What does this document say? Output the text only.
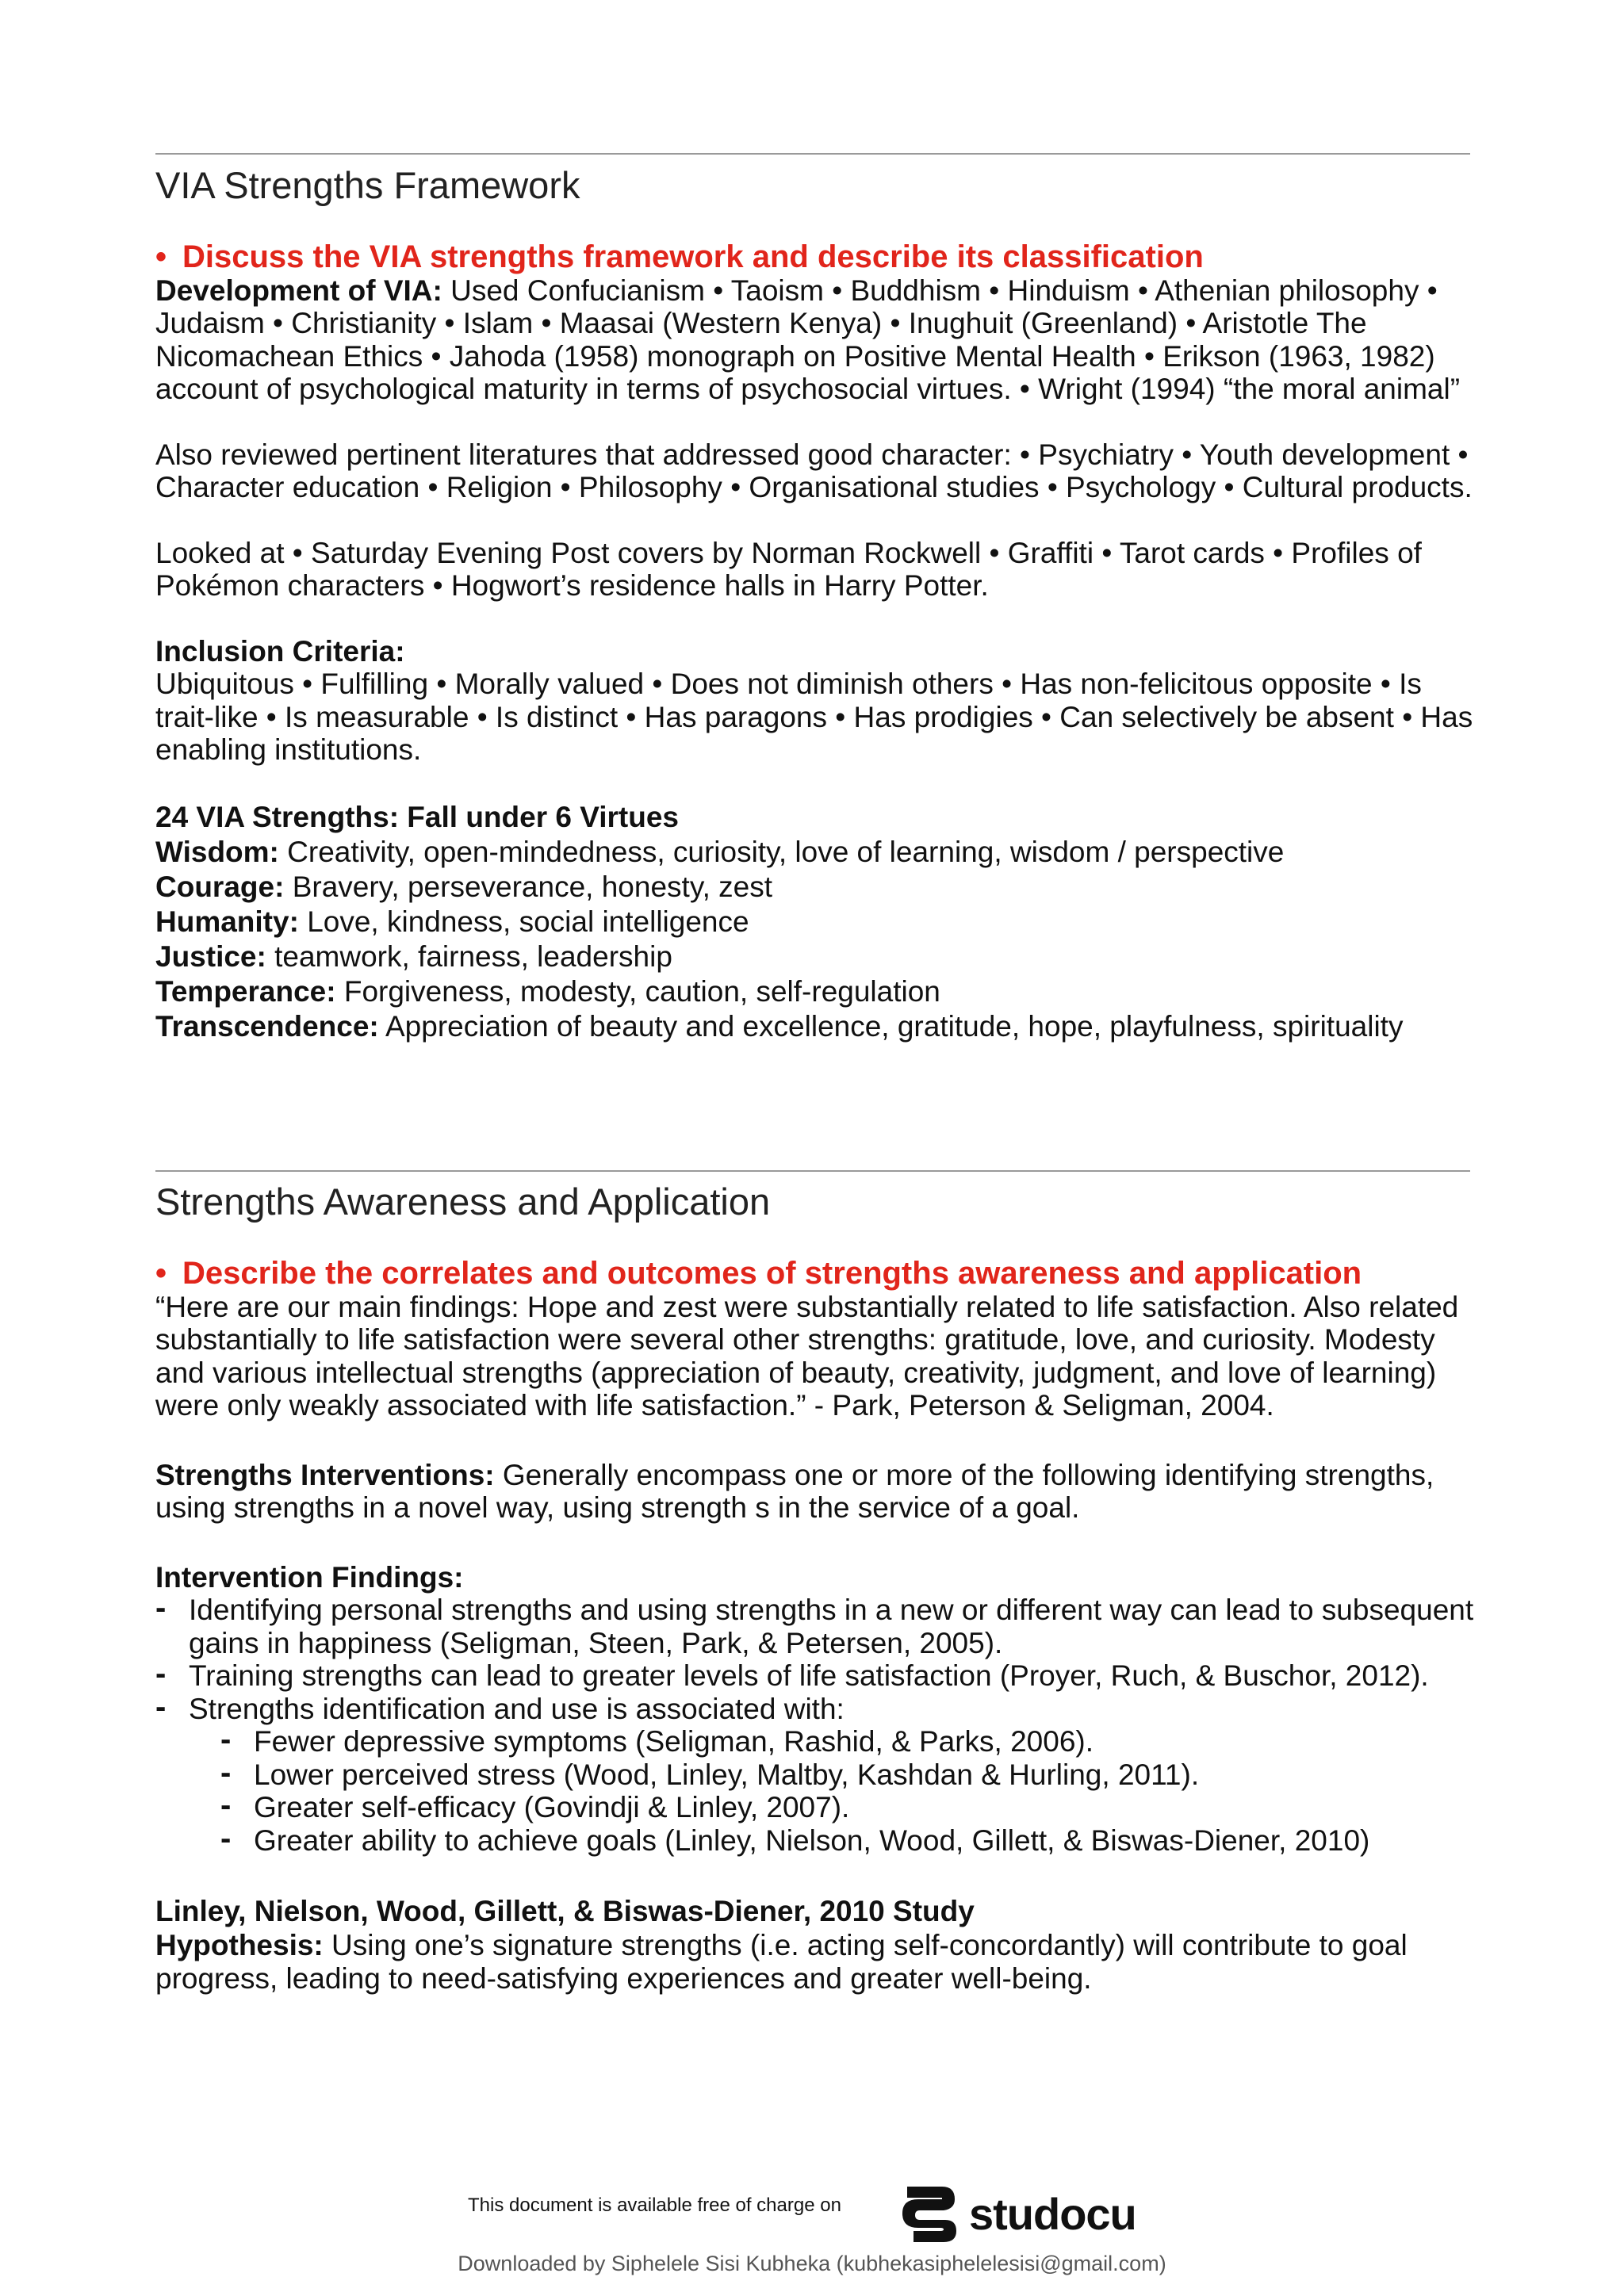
VIA Strengths Framework
• Discuss the VIA strengths framework and describe its classification
Development of VIA: Used Confucianism • Taoism • Buddhism • Hinduism • Athenian philosophy • Judaism • Christianity • Islam • Maasai (Western Kenya) • Inughuit (Greenland) • Aristotle The Nicomachean Ethics • Jahoda (1958) monograph on Positive Mental Health • Erikson (1963, 1982) account of psychological maturity in terms of psychosocial virtues. • Wright (1994) “the moral animal”
Also reviewed pertinent literatures that addressed good character: • Psychiatry • Youth development • Character education • Religion • Philosophy • Organisational studies • Psychology • Cultural products.
Looked at • Saturday Evening Post covers by Norman Rockwell • Graffiti • Tarot cards • Profiles of Pokémon characters • Hogwort’s residence halls in Harry Potter.
Inclusion Criteria:
Ubiquitous • Fulfilling • Morally valued • Does not diminish others • Has non-felicitous opposite • Is trait-like • Is measurable • Is distinct • Has paragons • Has prodigies • Can selectively be absent • Has enabling institutions.
24 VIA Strengths: Fall under 6 Virtues
Wisdom: Creativity, open-mindedness, curiosity, love of learning, wisdom / perspective
Courage: Bravery, perseverance, honesty, zest
Humanity: Love, kindness, social intelligence
Justice: teamwork, fairness, leadership
Temperance: Forgiveness, modesty, caution, self-regulation
Transcendence: Appreciation of beauty and excellence, gratitude, hope, playfulness, spirituality
Strengths Awareness and Application
• Describe the correlates and outcomes of strengths awareness and application
“Here are our main findings: Hope and zest were substantially related to life satisfaction. Also related substantially to life satisfaction were several other strengths: gratitude, love, and curiosity. Modesty and various intellectual strengths (appreciation of beauty, creativity, judgment, and love of learning) were only weakly associated with life satisfaction.” - Park, Peterson & Seligman, 2004.
Strengths Interventions: Generally encompass one or more of the following identifying strengths, using strengths in a novel way, using strength s in the service of a goal.
Intervention Findings:
- Identifying personal strengths and using strengths in a new or different way can lead to subsequent gains in happiness (Seligman, Steen, Park, & Petersen, 2005).
- Training strengths can lead to greater levels of life satisfaction (Proyer, Ruch, & Buschor, 2012).
- Strengths identification and use is associated with:
- Fewer depressive symptoms (Seligman, Rashid, & Parks, 2006).
- Lower perceived stress (Wood, Linley, Maltby, Kashdan & Hurling, 2011).
- Greater self-efficacy (Govindji & Linley, 2007).
- Greater ability to achieve goals (Linley, Nielson, Wood, Gillett, & Biswas-Diener, 2010)
Linley, Nielson, Wood, Gillett, & Biswas-Diener, 2010 Study
Hypothesis: Using one’s signature strengths (i.e. acting self-concordantly) will contribute to goal progress, leading to need-satisfying experiences and greater well-being.
This document is available free of charge on	studocu
Downloaded by Siphelele Sisi Kubheka (kubhekasiphelelesisi@gmail.com)
